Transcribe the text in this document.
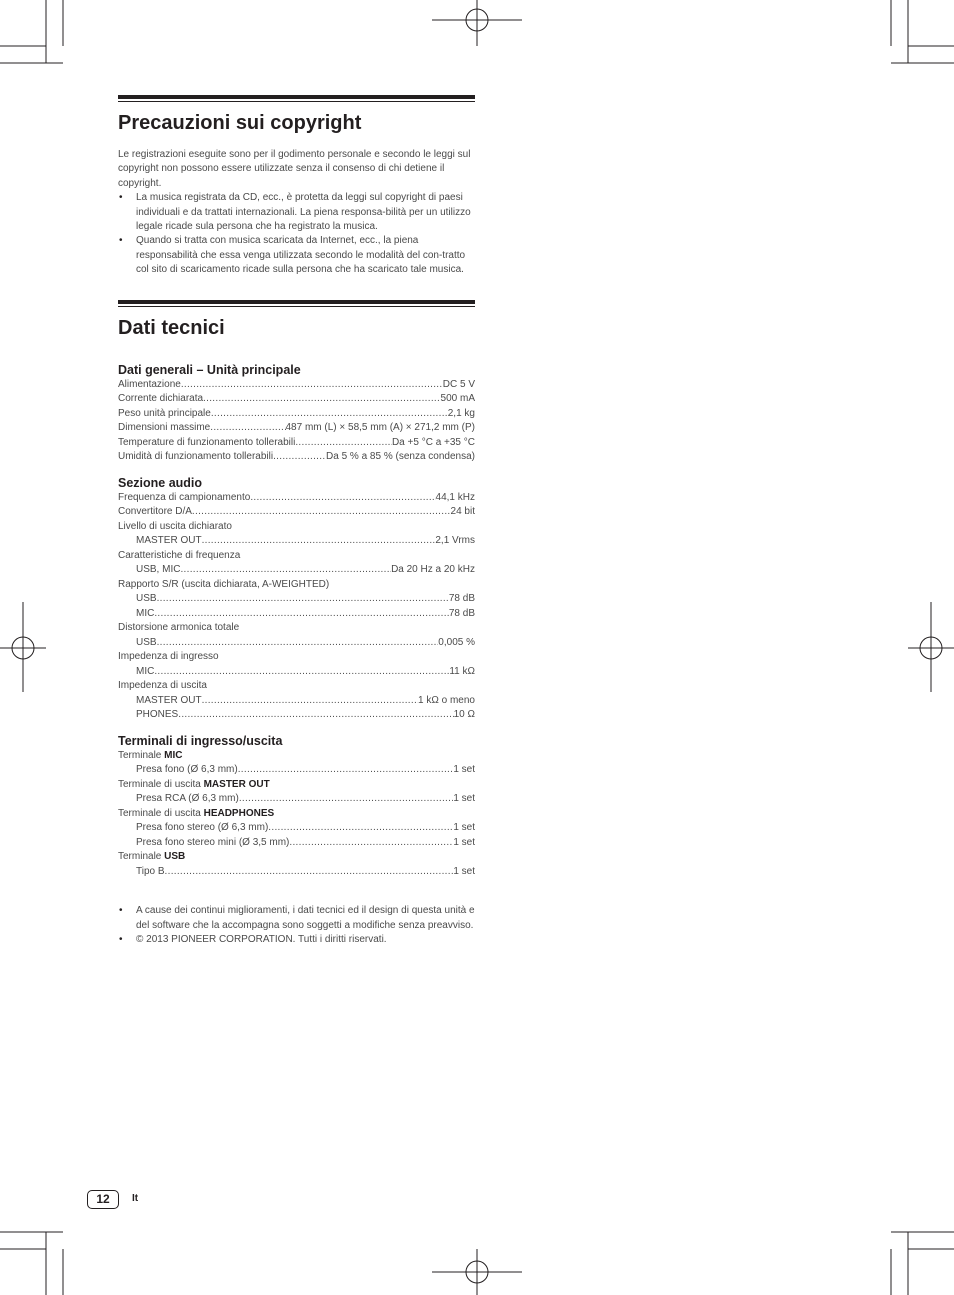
Precauzioni sui copyright

Le registrazioni eseguite sono per il godimento personale e secondo le leggi sul copyright non possono essere utilizzate senza il consenso di chi detiene il copyright.

• La musica registrata da CD, ecc., è protetta da leggi sul copyright di paesi individuali e da trattati internazionali. La piena responsa-bilità per un utilizzo legale ricade sula persona che ha registrato la musica.
• Quando si tratta con musica scaricata da Internet, ecc., la piena responsabilità che essa venga utilizzata secondo le modalità del con-tratto col sito di scaricamento ricade sulla persona che ha scaricato tale musica.
Dati tecnici
Dati generali – Unità principale
Alimentazione .....	DC 5 V
Corrente dichiarata .....	500 mA
Peso unità principale .....	2,1 kg
Dimensioni massime .....	487 mm (L) × 58,5 mm (A) × 271,2 mm (P)
Temperature di funzionamento tollerabili .....	Da +5 °C a +35 °C
Umidità di funzionamento tollerabili .....	Da 5 % a 85 % (senza condensa)
Sezione audio
Frequenza di campionamento .....	44,1 kHz
Convertitore D/A .....	24 bit
Livello di uscita dichiarato
MASTER OUT .....	2,1 Vrms
Caratteristiche di frequenza
USB, MIC .....	Da 20 Hz a 20 kHz
Rapporto S/R (uscita dichiarata, A-WEIGHTED)
USB .....	78 dB
MIC .....	78 dB
Distorsione armonica totale
USB .....	0,005 %
Impedenza di ingresso
MIC .....	11 kΩ
Impedenza di uscita
MASTER OUT .....	1 kΩ o meno
PHONES .....	10 Ω
Terminali di ingresso/uscita
Terminale MIC
Presa fono (Ø 6,3 mm) .....	1 set
Terminale di uscita MASTER OUT
Presa RCA (Ø 6,3 mm) .....	1 set
Terminale di uscita HEADPHONES
Presa fono stereo (Ø 6,3 mm) .....	1 set
Presa fono stereo mini (Ø 3,5 mm) .....	1 set
Terminale USB
Tipo B .....	1 set
• A cause dei continui miglioramenti, i dati tecnici ed il design di questa unità e del software che la accompagna sono soggetti a modifiche senza preavviso.
• © 2013 PIONEER CORPORATION. Tutti i diritti riservati.
12	It
